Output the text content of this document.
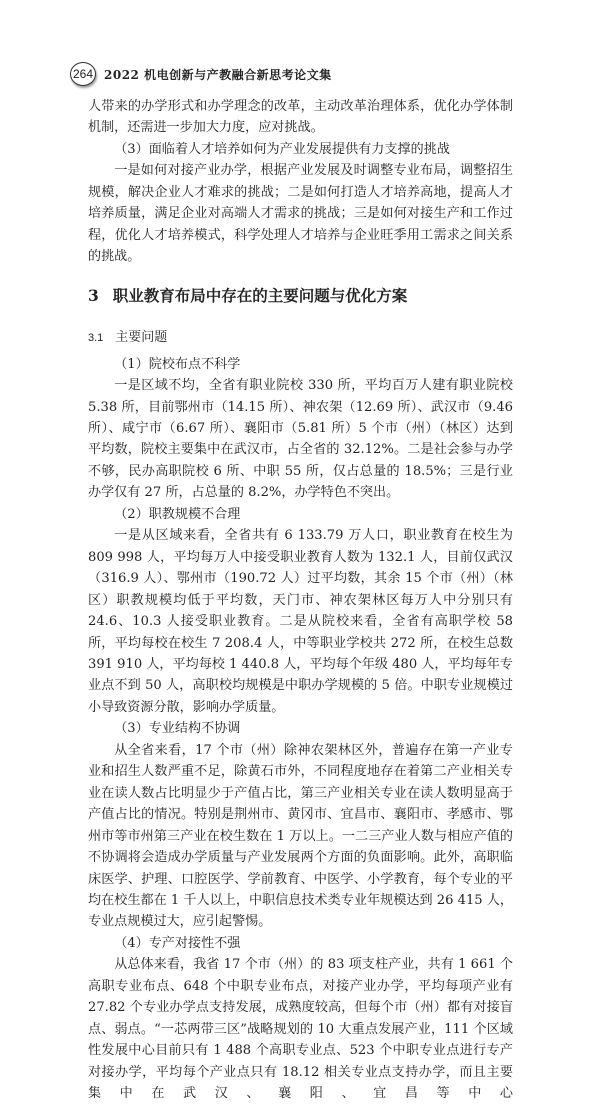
264 2022 机电创新与产教融合新思考论文集

人带来的办学形式和办学理念的改革，主动改革治理体系，优化办学体制机制，还需进一步加大力度，应对挑战。

（3）面临着人才培养如何为产业发展提供有力支撑的挑战

一是如何对接产业办学，根据产业发展及时调整专业布局，调整招生规模，解决企业人才难求的挑战；二是如何打造人才培养高地，提高人才培养质量，满足企业对高端人才需求的挑战；三是如何对接生产和工作过程，优化人才培养模式，科学处理人才培养与企业旺季用工需求之间关系的挑战。

3 职业教育布局中存在的主要问题与优化方案
3.1 主要问题

（1）院校布点不科学

一是区域不均，全省有职业院校 330 所，平均百万人建有职业院校 5.38 所，目前鄂州市（14.15 所）、神农架（12.69 所）、武汉市（9.46 所）、咸宁市（6.67 所）、襄阳市（5.81 所）5 个市（州）（林区）达到平均数，院校主要集中在武汉市，占全省的 32.12%。二是社会参与办学不够，民办高职院校 6 所、中职 55 所，仅占总量的 18.5%；三是行业办学仅有 27 所，占总量的 8.2%，办学特色不突出。

（2）职教规模不合理

一是从区域来看，全省共有 6 133.79 万人口，职业教育在校生为 809 998 人，平均每万人中接受职业教育人数为 132.1 人，目前仅武汉（316.9 人）、鄂州市（190.72 人）过平均数，其余 15 个市（州）（林区）职教规模均低于平均数，天门市、神农架林区每万人中分别只有 24.6、10.3 人接受职业教育。二是从院校来看，全省有高职学校 58 所，平均每校在校生 7 208.4 人，中等职业学校共 272 所，在校生总数 391 910 人，平均每校 1 440.8 人，平均每个年级 480 人，平均每年专业点不到 50 人，高职校均规模是中职办学规模的 5 倍。中职专业规模过小导致资源分散，影响办学质量。

（3）专业结构不协调

从全省来看，17 个市（州）除神农架林区外，普遍存在第一产业专业和招生人数严重不足，除黄石市外，不同程度地存在着第二产业相关专业在读人数占比明显少于产值占比，第三产业相关专业在读人数明显高于产值占比的情况。特别是荆州市、黄冈市、宜昌市、襄阳市、孝感市、鄂州市等市州第三产业在校生数在 1 万以上。一二三产业人数与相应产值的不协调将会造成办学质量与产业发展两个方面的负面影响。此外，高职临床医学、护理、口腔医学、学前教育、中医学、小学教育，每个专业的平均在校生都在 1 千人以上，中职信息技术类专业年规模达到 26 415 人，专业点规模过大，应引起警惕。

（4）专产对接性不强

从总体来看，我省 17 个市（州）的 83 项支柱产业，共有 1 661 个高职专业布点、648 个中职专业布点，对接产业办学，平均每项产业有 27.82 个专业办学点支持发展，成熟度较高，但每个市（州）都有对接盲点、弱点。“一芯两带三区”战略规划的 10 大重点发展产业，111 个区域性发展中心目前只有 1 488 个高职专业点、523 个中职专业点进行专产对接办学，平均每个产业点只有 18.12 相关专业点支持办学，而且主要集中在武汉、襄阳、宜昌等中心
